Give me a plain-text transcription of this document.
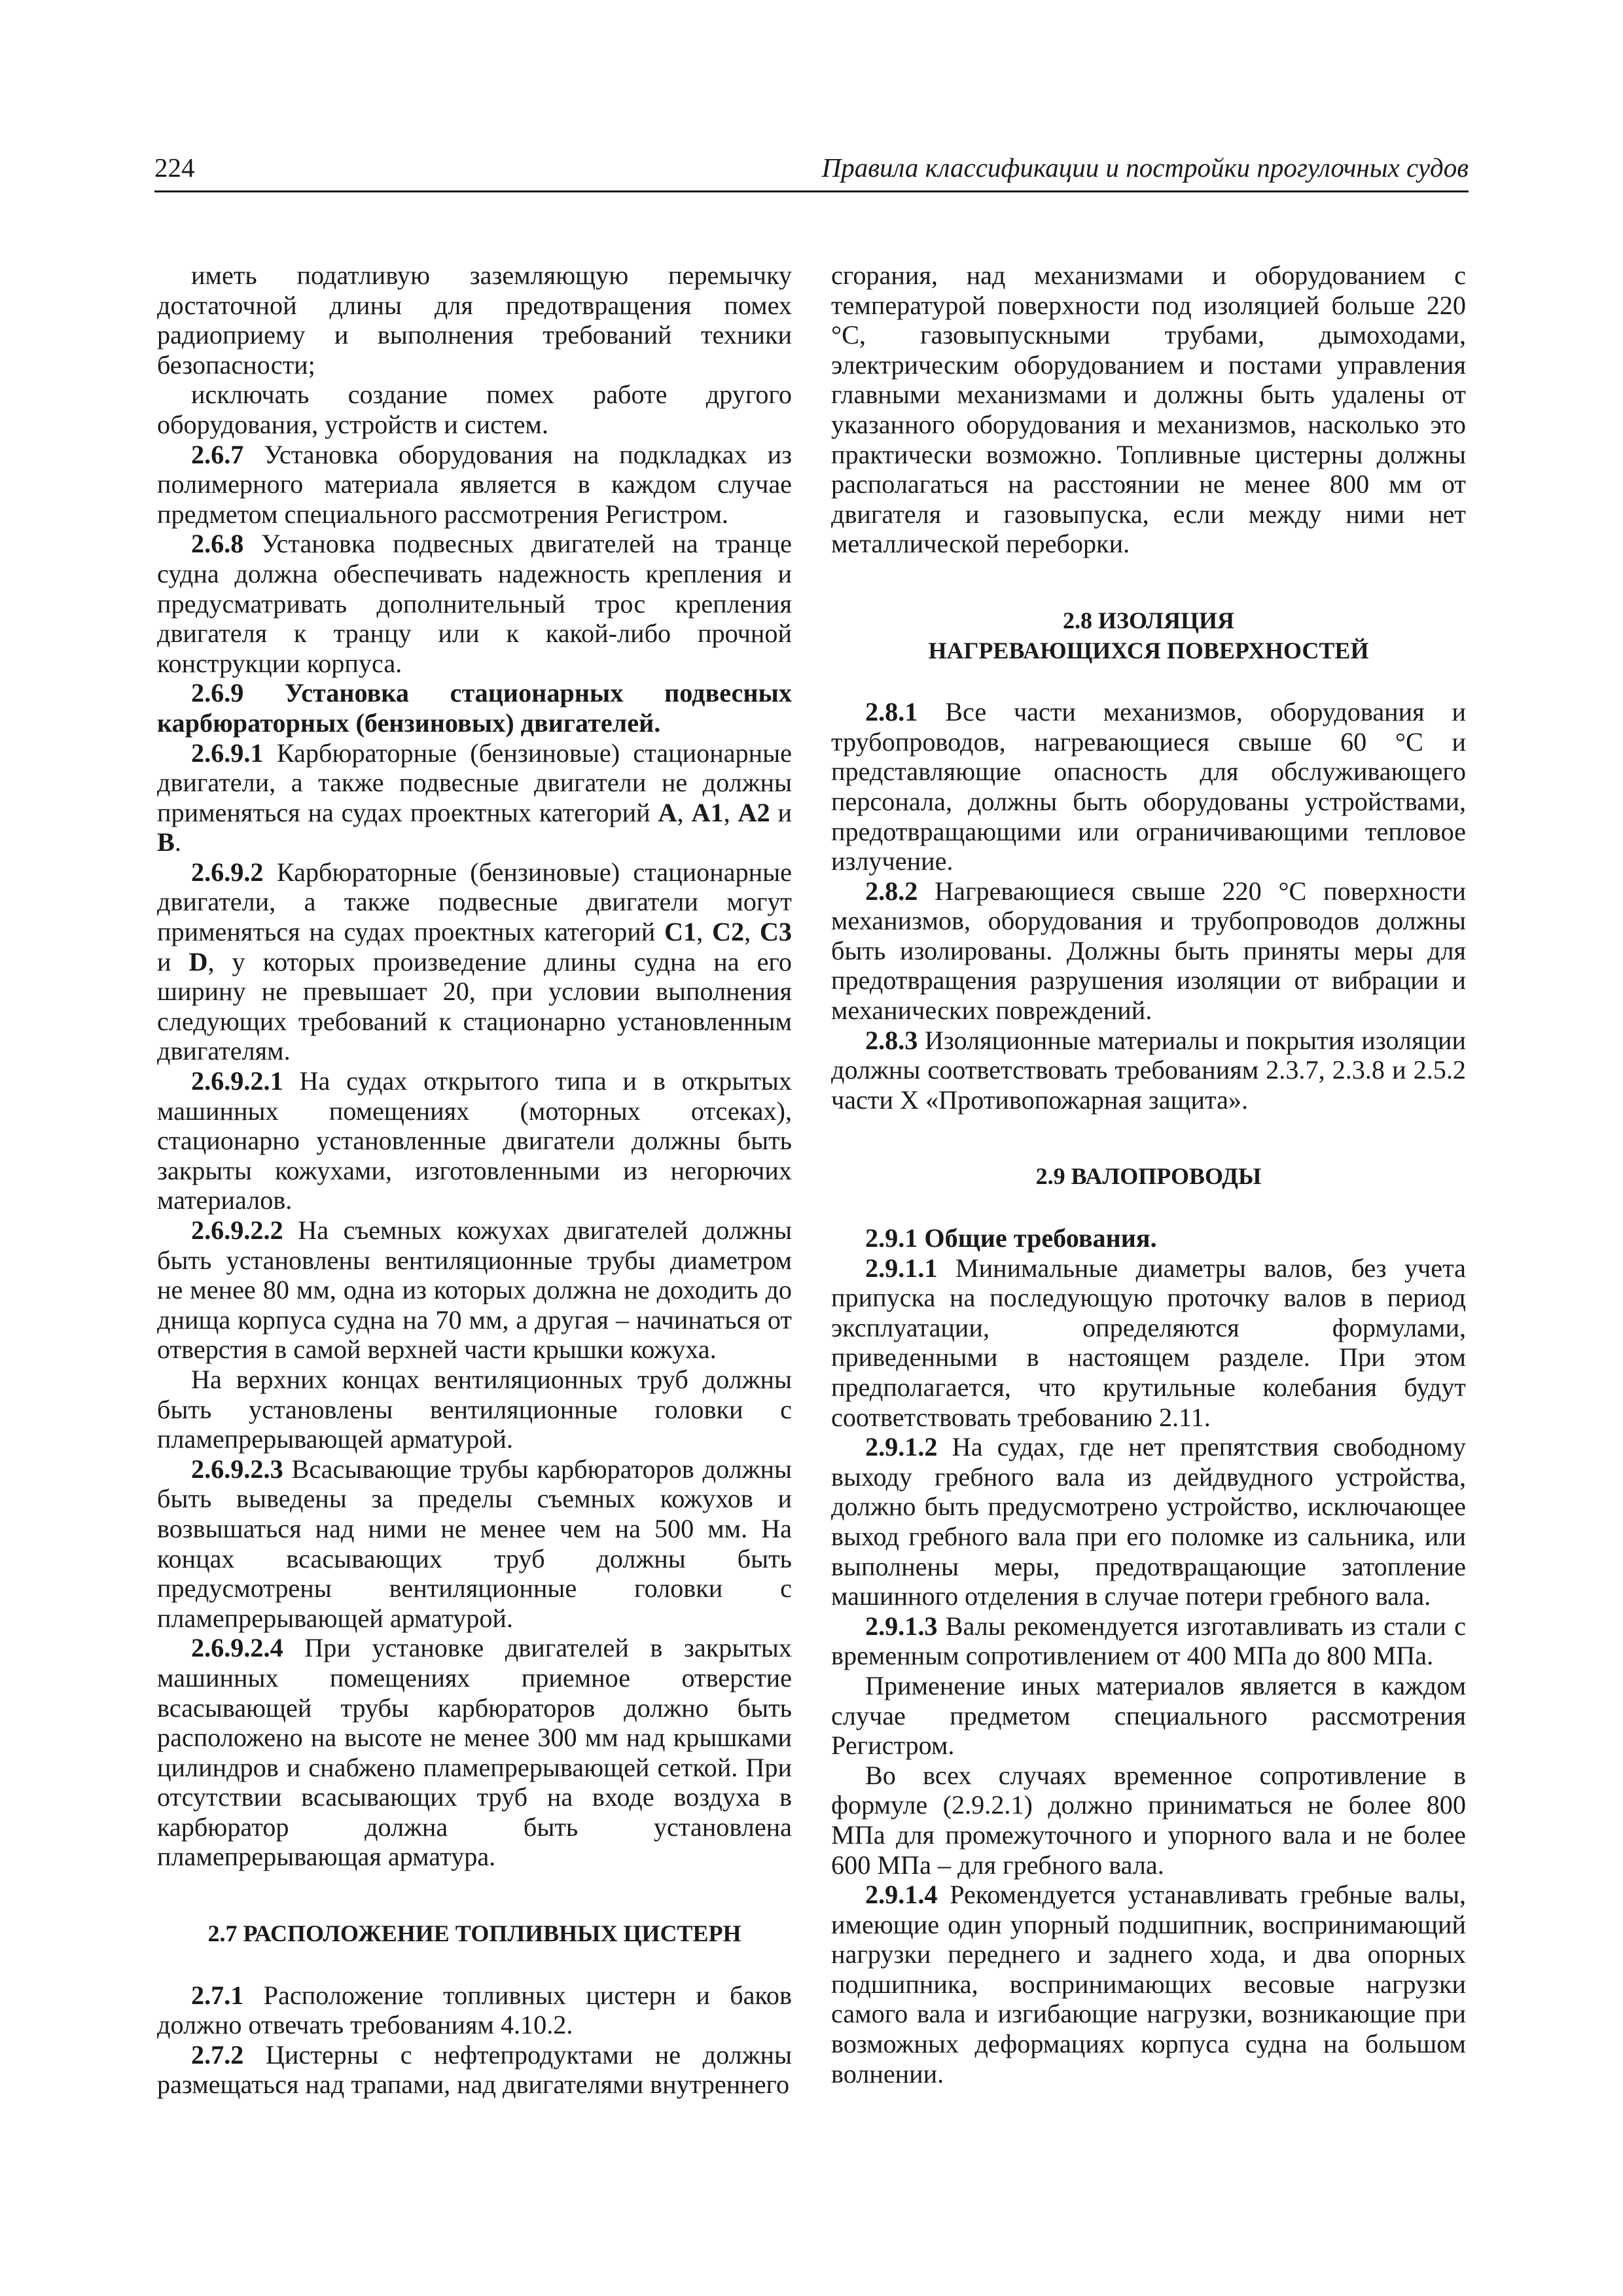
224	Правила классификации и постройки прогулочных судов

иметь податливую заземляющую перемычку достаточной длины для предотвращения помех радиоприему и выполнения требований техники безопасности;

исключать создание помех работе другого оборудования, устройств и систем.

2.6.7 Установка оборудования на подкладках из полимерного материала является в каждом случае предметом специального рассмотрения Регистром.

2.6.8 Установка подвесных двигателей на транце судна должна обеспечивать надежность крепления и предусматривать дополнительный трос крепления двигателя к транцу или к какой-либо прочной конструкции корпуса.

2.6.9 Установка стационарных подвесных карбюраторных (бензиновых) двигателей.

2.6.9.1 Карбюраторные (бензиновые) стационарные двигатели, а также подвесные двигатели не должны применяться на судах проектных категорий A, A1, A2 и B.

2.6.9.2 Карбюраторные (бензиновые) стационарные двигатели, а также подвесные двигатели могут применяться на судах проектных категорий C1, C2, C3 и D, у которых произведение длины судна на его ширину не превышает 20, при условии выполнения следующих требований к стационарно установленным двигателям.

2.6.9.2.1 На судах открытого типа и в открытых машинных помещениях (моторных отсеках), стационарно установленные двигатели должны быть закрыты кожухами, изготовленными из негорючих материалов.

2.6.9.2.2 На съемных кожухах двигателей должны быть установлены вентиляционные трубы диаметром не менее 80 мм, одна из которых должна не доходить до днища корпуса судна на 70 мм, а другая – начинаться от отверстия в самой верхней части крышки кожуха.

На верхних концах вентиляционных труб должны быть установлены вентиляционные головки с пламепрерывающей арматурой.

2.6.9.2.3 Всасывающие трубы карбюраторов должны быть выведены за пределы съемных кожухов и возвышаться над ними не менее чем на 500 мм. На концах всасывающих труб должны быть предусмотрены вентиляционные головки с пламепрерывающей арматурой.

2.6.9.2.4 При установке двигателей в закрытых машинных помещениях приемное отверстие всасывающей трубы карбюраторов должно быть расположено на высоте не менее 300 мм над крышками цилиндров и снабжено пламепрерывающей сеткой. При отсутствии всасывающих труб на входе воздуха в карбюратор должна быть установлена пламепрерывающая арматура.

2.7 РАСПОЛОЖЕНИЕ ТОПЛИВНЫХ ЦИСТЕРН

2.7.1 Расположение топливных цистерн и баков должно отвечать требованиям 4.10.2.

2.7.2 Цистерны с нефтепродуктами не должны размещаться над трапами, над двигателями внутреннего

сгорания, над механизмами и оборудованием с температурой поверхности под изоляцией больше 220 °С, газовыпускными трубами, дымоходами, электрическим оборудованием и постами управления главными механизмами и должны быть удалены от указанного оборудования и механизмов, насколько это практически возможно. Топливные цистерны должны располагаться на расстоянии не менее 800 мм от двигателя и газовыпуска, если между ними нет металлической переборки.

2.8 ИЗОЛЯЦИЯ
НАГРЕВАЮЩИХСЯ ПОВЕРХНОСТЕЙ

2.8.1 Все части механизмов, оборудования и трубопроводов, нагревающиеся свыше 60 °С и представляющие опасность для обслуживающего персонала, должны быть оборудованы устройствами, предотвращающими или ограничивающими тепловое излучение.

2.8.2 Нагревающиеся свыше 220 °С поверхности механизмов, оборудования и трубопроводов должны быть изолированы. Должны быть приняты меры для предотвращения разрушения изоляции от вибрации и механических повреждений.

2.8.3 Изоляционные материалы и покрытия изоляции должны соответствовать требованиям 2.3.7, 2.3.8 и 2.5.2 части X «Противопожарная защита».

2.9 ВАЛОПРОВОДЫ

2.9.1 Общие требования.

2.9.1.1 Минимальные диаметры валов, без учета припуска на последующую проточку валов в период эксплуатации, определяются формулами, приведенными в настоящем разделе. При этом предполагается, что крутильные колебания будут соответствовать требованию 2.11.

2.9.1.2 На судах, где нет препятствия свободному выходу гребного вала из дейдвудного устройства, должно быть предусмотрено устройство, исключающее выход гребного вала при его поломке из сальника, или выполнены меры, предотвращающие затопление машинного отделения в случае потери гребного вала.

2.9.1.3 Валы рекомендуется изготавливать из стали с временным сопротивлением от 400 МПа до 800 МПа.

Применение иных материалов является в каждом случае предметом специального рассмотрения Регистром.

Во всех случаях временное сопротивление в формуле (2.9.2.1) должно приниматься не более 800 МПа для промежуточного и упорного вала и не более 600 МПа – для гребного вала.

2.9.1.4 Рекомендуется устанавливать гребные валы, имеющие один упорный подшипник, воспринимающий нагрузки переднего и заднего хода, и два опорных подшипника, воспринимающих весовые нагрузки самого вала и изгибающие нагрузки, возникающие при возможных деформациях корпуса судна на большом волнении.
